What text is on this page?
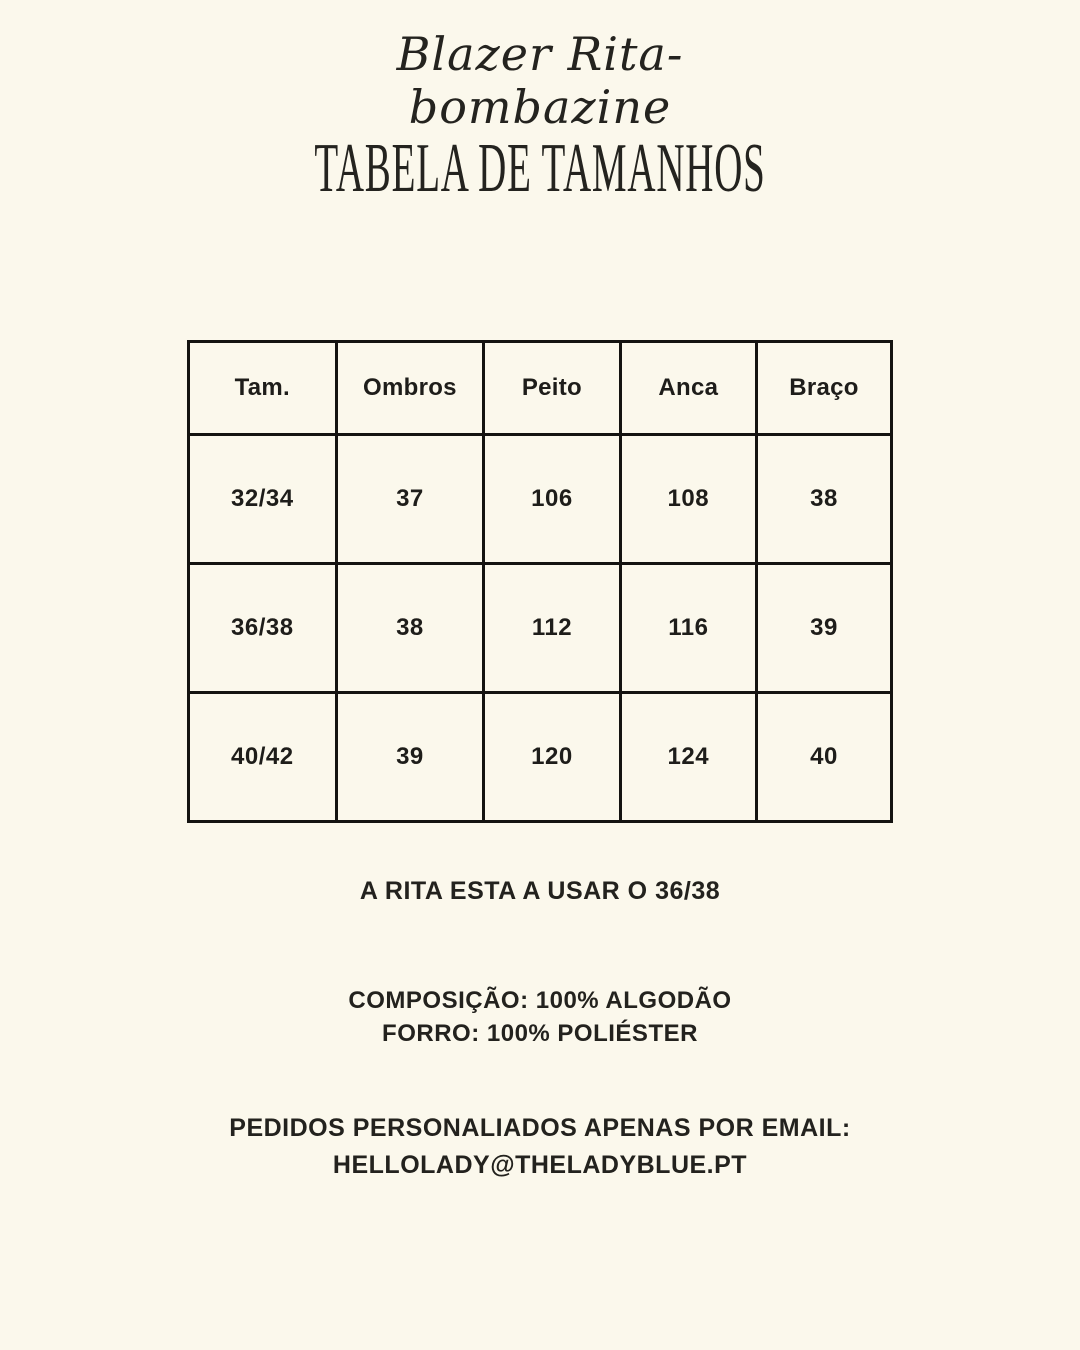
Blazer Rita-
bombazine
TABELA DE TAMANHOS
Tam.	Ombros	Peito	Anca	Braço
32/34	37	106	108	38
36/38	38	112	116	39
40/42	39	120	124	40
A RITA ESTA A USAR O 36/38
COMPOSIÇÃO: 100% ALGODÃO
FORRO: 100% POLIÉSTER
PEDIDOS PERSONALIADOS APENAS POR EMAIL:
HELLOLADY@THELADYBLUE.PT
